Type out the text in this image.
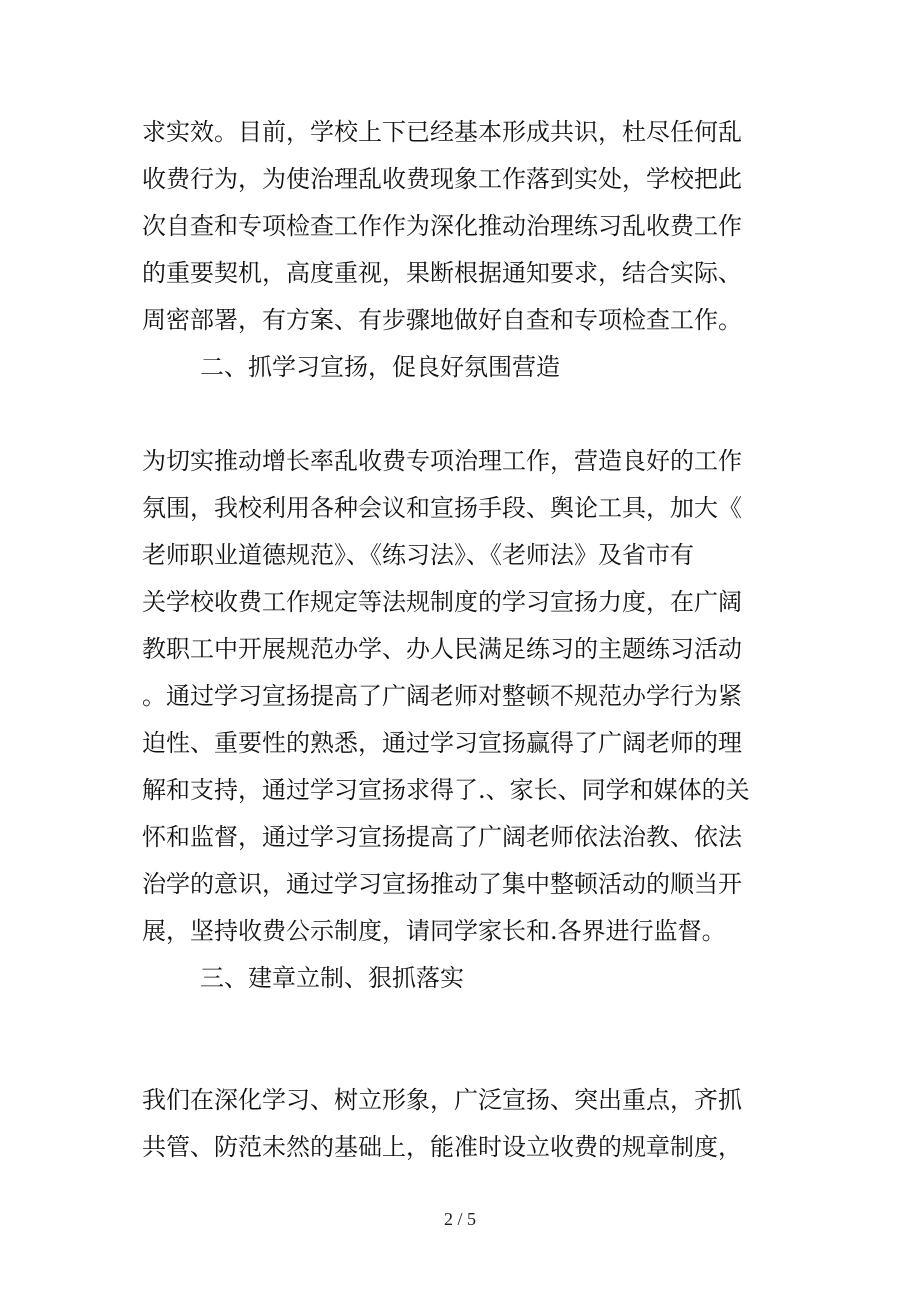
求实效。目前，学校上下已经基本形成共识，杜尽任何乱
收费行为，为使治理乱收费现象工作落到实处，学校把此
次自查和专项检查工作作为深化推动治理练习乱收费工作
的重要契机，高度重视，果断根据通知要求，结合实际、
周密部署，有方案、有步骤地做好自查和专项检查工作。
二、抓学习宣扬，促良好氛围营造
为切实推动增长率乱收费专项治理工作，营造良好的工作
氛围，我校利用各种会议和宣扬手段、舆论工具，加大《
老师职业道德规范》、《练习法》、《老师法》及省市有
关学校收费工作规定等法规制度的学习宣扬力度，在广阔
教职工中开展规范办学、办人民满足练习的主题练习活动
。通过学习宣扬提高了广阔老师对整顿不规范办学行为紧
迫性、重要性的熟悉，通过学习宣扬赢得了广阔老师的理
解和支持，通过学习宣扬求得了.、家长、同学和媒体的关
怀和监督，通过学习宣扬提高了广阔老师依法治教、依法
治学的意识，通过学习宣扬推动了集中整顿活动的顺当开
展，坚持收费公示制度，请同学家长和.各界进行监督。
三、建章立制、狠抓落实
我们在深化学习、树立形象，广泛宣扬、突出重点，齐抓
共管、防范未然的基础上，能准时设立收费的规章制度，
2 / 5
